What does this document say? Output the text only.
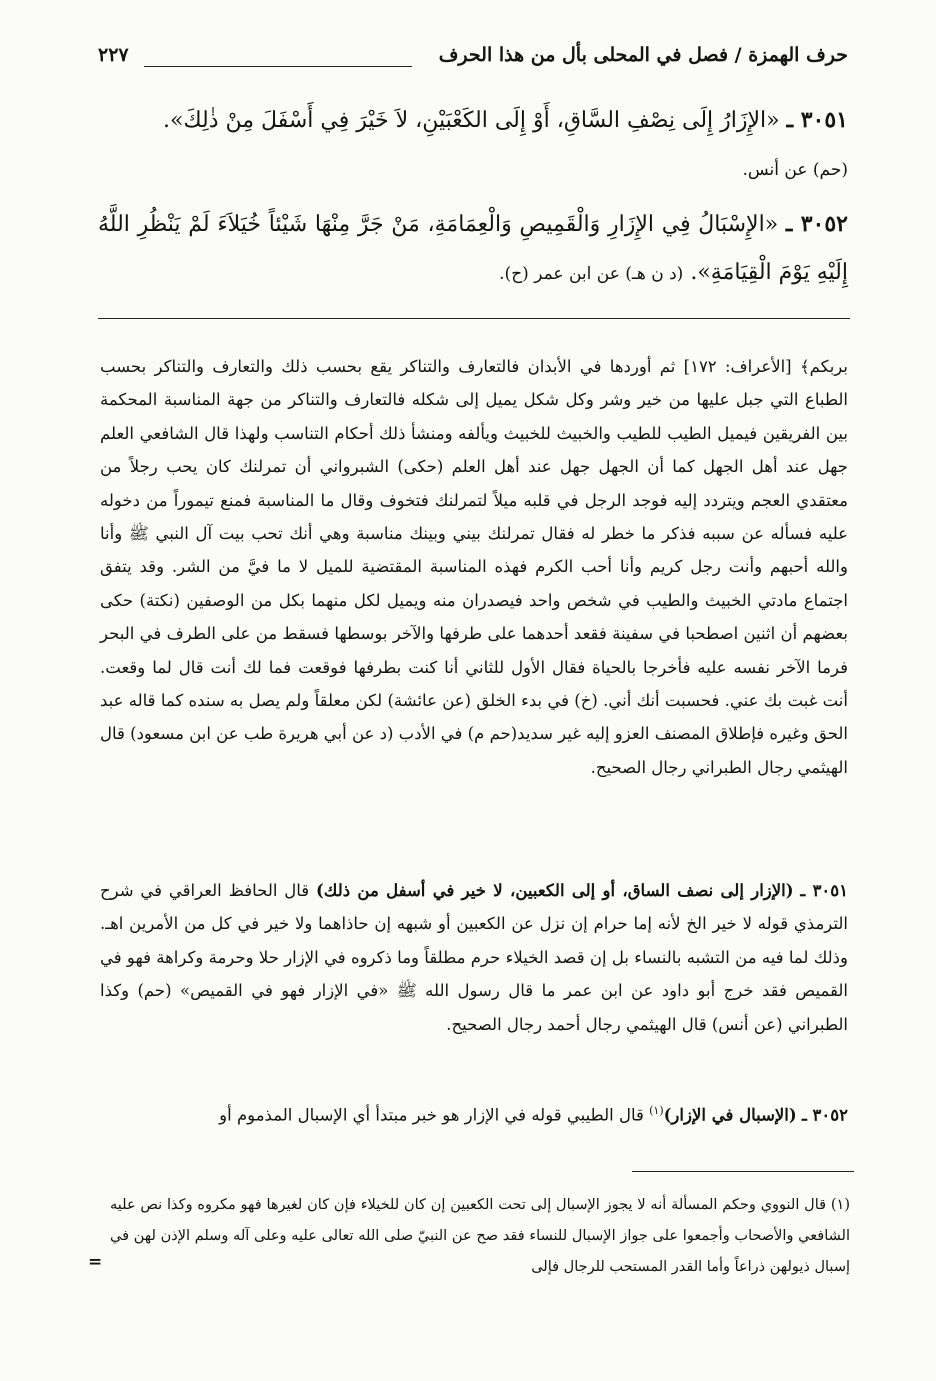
حرف الهمزة / فصل في المحلى بأل من هذا الحرف
٢٢٧
٣٠٥١ ـ «الإِزَارُ إِلَى نِصْفِ السَّاقِ، أَوْ إِلَى الكَعْبَيْنِ، لاَ خَيْرَ فِي أَسْفَلَ مِنْ ذٰلِكَ».
(حم) عن أنس.
٣٠٥٢ ـ «الإِسْبَالُ فِي الإِزَارِ وَالْقَمِيصِ وَالْعِمَامَةِ، مَنْ جَرَّ مِنْهَا شَيْئاً خُيَلاَءَ لَمْ يَنْظُرِ اللَّهُ إِلَيْهِ يَوْمَ الْقِيَامَةِ». (د ن هـ) عن ابن عمر (ح).
بربكم﴾ [الأعراف: ١٧٢] ثم أوردها في الأبدان فالتعارف والتناكر يقع بحسب ذلك والتعارف والتناكر بحسب الطباع التي جبل عليها من خير وشر وكل شكل يميل إلى شكله فالتعارف والتناكر من جهة المناسبة المحكمة بين الفريقين فيميل الطيب للطيب والخبيث للخبيث ويألفه ومنشأ ذلك أحكام التناسب ولهذا قال الشافعي العلم جهل عند أهل الجهل كما أن الجهل جهل عند أهل العلم (حكى) الشبرواني أن تمرلنك كان يحب رجلاً من معتقدي العجم ويتردد إليه فوجد الرجل في قلبه ميلاً لتمرلنك فتخوف وقال ما المناسبة فمنع تيموراً من دخوله عليه فسأله عن سببه فذكر ما خطر له فقال تمرلنك بيني وبينك مناسبة وهي أنك تحب بيت آل النبي ﷺ وأنا والله أحبهم وأنت رجل كريم وأنا أحب الكرم فهذه المناسبة المقتضية للميل لا ما فيَّ من الشر. وقد يتفق اجتماع مادتي الخبيث والطيب في شخص واحد فيصدران منه ويميل لكل منهما بكل من الوصفين (نكتة) حكى بعضهم أن اثنين اصطحبا في سفينة فقعد أحدهما على طرفها والآخر بوسطها فسقط من على الطرف في البحر فرما الآخر نفسه عليه فأخرجا بالحياة فقال الأول للثاني أنا كنت بطرفها فوقعت فما لك أنت قال لما وقعت. أنت غبت بك عني. فحسبت أنك أني. (خ) في بدء الخلق (عن عائشة) لكن معلقاً ولم يصل به سنده كما قاله عبد الحق وغيره فإطلاق المصنف العزو إليه غير سديد(حم م) في الأدب (د عن أبي هريرة طب عن ابن مسعود) قال الهيثمي رجال الطبراني رجال الصحيح.
٣٠٥١ ـ (الإزار إلى نصف الساق، أو إلى الكعبين، لا خير في أسفل من ذلك) قال الحافظ العراقي في شرح الترمذي قوله لا خير الخ لأنه إما حرام إن نزل عن الكعبين أو شبهه إن حاذاهما ولا خير في كل من الأمرين اهـ. وذلك لما فيه من التشبه بالنساء بل إن قصد الخيلاء حرم مطلقاً وما ذكروه في الإزار حلا وحرمة وكراهة فهو في القميص فقد خرج أبو داود عن ابن عمر ما قال رسول الله ﷺ «في الإزار فهو في القميص» (حم) وكذا الطبراني (عن أنس) قال الهيثمي رجال أحمد رجال الصحيح.
٣٠٥٢ ـ (الإسبال في الإزار)$^{(١)}$ قال الطيبي قوله في الإزار هو خبر مبتدأ أي الإسبال المذموم أو
(١) قال النووي وحكم المسألة أنه لا يجوز الإسبال إلى تحت الكعبين إن كان للخيلاء فإن كان لغيرها فهو مكروه وكذا نص عليه الشافعي والأصحاب وأجمعوا على جواز الإسبال للنساء فقد صح عن النبيّ صلى الله تعالى عليه وعلى آله وسلم الإذن لهن في إسبال ذيولهن ذراعاً وأما القدر المستحب للرجال فإلى
=
